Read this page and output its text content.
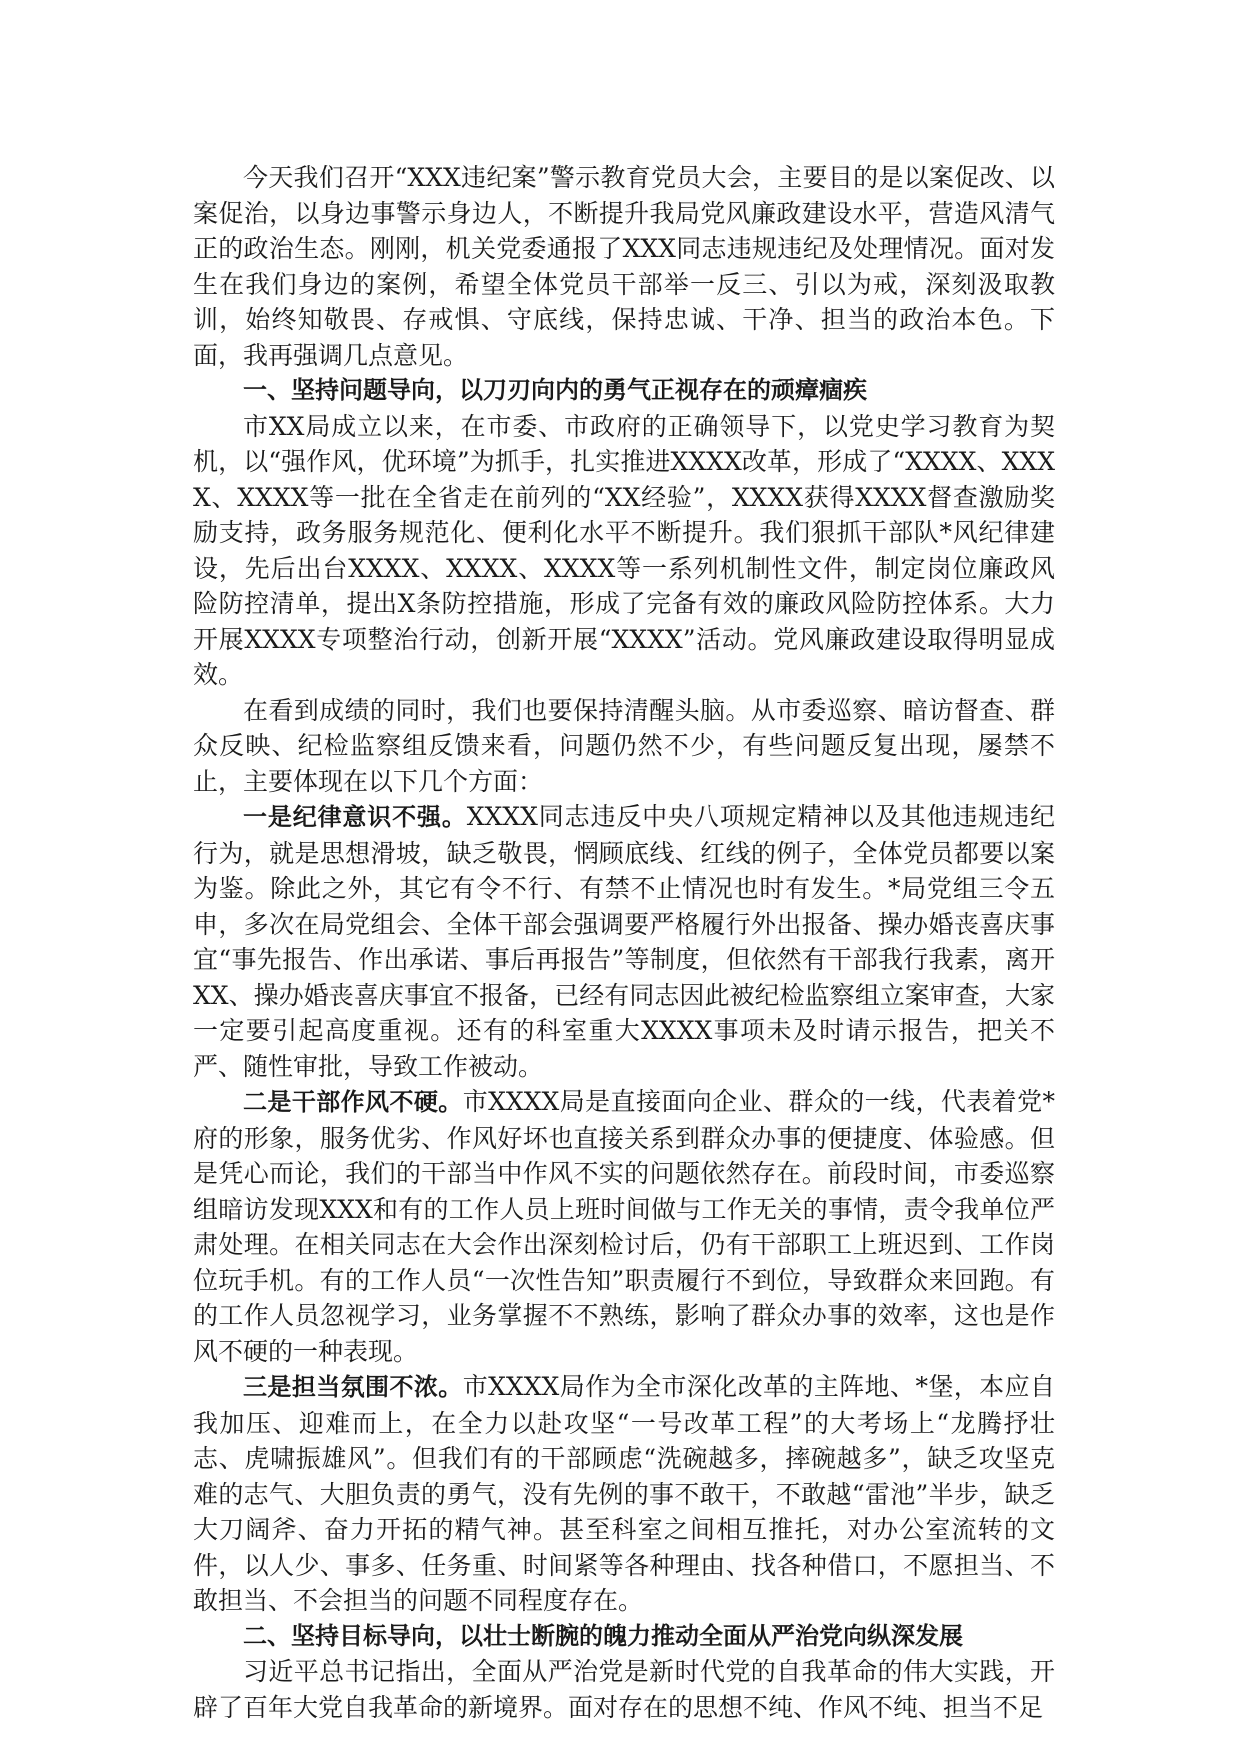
今天我们召开“XXX违纪案”警示教育党员大会，主要目的是以案促改、以案促治，以身边事警示身边人，不断提升我局党风廉政建设水平，营造风清气正的政治生态。刚刚，机关党委通报了XXX同志违规违纪及处理情况。面对发生在我们身边的案例，希望全体党员干部举一反三、引以为戒，深刻汲取教训，始终知敬畏、存戒惧、守底线，保持忠诚、干净、担当的政治本色。下面，我再强调几点意见。

一、坚持问题导向，以刀刃向内的勇气正视存在的顽瘴痼疾

市XX局成立以来，在市委、市政府的正确领导下，以党史学习教育为契机，以“强作风，优环境”为抓手，扎实推进XXXX改革，形成了“XXXX、XXXX、XXXX等一批在全省走在前列的“XX经验”，XXXX获得XXXX督查激励奖励支持，政务服务规范化、便利化水平不断提升。我们狠抓干部队*风纪律建设，先后出台XXXX、XXXX、XXXX等一系列机制性文件，制定岗位廉政风险防控清单，提出X条防控措施，形成了完备有效的廉政风险防控体系。大力开展XXXX专项整治行动，创新开展“XXXX”活动。党风廉政建设取得明显成效。

在看到成绩的同时，我们也要保持清醒头脑。从市委巡察、暗访督查、群众反映、纪检监察组反馈来看，问题仍然不少，有些问题反复出现，屡禁不止，主要体现在以下几个方面：

一是纪律意识不强。XXXX同志违反中央八项规定精神以及其他违规违纪行为，就是思想滑坡，缺乏敬畏，惘顾底线、红线的例子，全体党员都要以案为鉴。除此之外，其它有令不行、有禁不止情况也时有发生。*局党组三令五申，多次在局党组会、全体干部会强调要严格履行外出报备、操办婚丧喜庆事宜“事先报告、作出承诺、事后再报告”等制度，但依然有干部我行我素，离开XX、操办婚丧喜庆事宜不报备，已经有同志因此被纪检监察组立案审查，大家一定要引起高度重视。还有的科室重大XXXX事项未及时请示报告，把关不严、随性审批，导致工作被动。

二是干部作风不硬。市XXXX局是直接面向企业、群众的一线，代表着党*府的形象，服务优劣、作风好坏也直接关系到群众办事的便捷度、体验感。但是凭心而论，我们的干部当中作风不实的问题依然存在。前段时间，市委巡察组暗访发现XXX和有的工作人员上班时间做与工作无关的事情，责令我单位严肃处理。在相关同志在大会作出深刻检讨后，仍有干部职工上班迟到、工作岗位玩手机。有的工作人员“一次性告知”职责履行不到位，导致群众来回跑。有的工作人员忽视学习，业务掌握不不熟练，影响了群众办事的效率，这也是作风不硬的一种表现。

三是担当氛围不浓。市XXXX局作为全市深化改革的主阵地、*堡，本应自我加压、迎难而上，在全力以赴攻坚“一号改革工程”的大考场上“龙腾抒壮志、虎啸振雄风”。但我们有的干部顾虑“洗碗越多，摔碗越多”，缺乏攻坚克难的志气、大胆负责的勇气，没有先例的事不敢干，不敢越“雷池”半步，缺乏大刀阔斧、奋力开拓的精气神。甚至科室之间相互推托，对办公室流转的文件，以人少、事多、任务重、时间紧等各种理由、找各种借口，不愿担当、不敢担当、不会担当的问题不同程度存在。

二、坚持目标导向，以壮士断腕的魄力推动全面从严治党向纵深发展

习近平总书记指出，全面从严治党是新时代党的自我革命的伟大实践，开辟了百年大党自我革命的新境界。面对存在的思想不纯、作风不纯、担当不足
